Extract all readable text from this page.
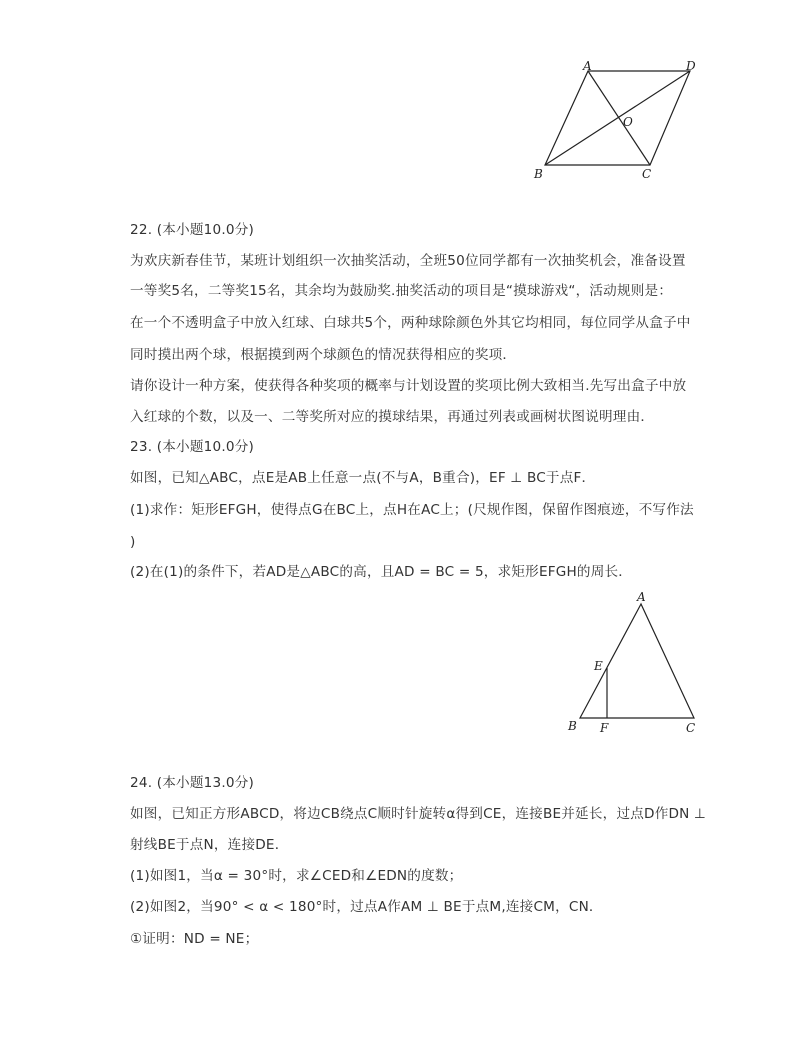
A	D
O
B	C
22. (本小题10.0分)
为欢庆新春佳节，某班计划组织一次抽奖活动，全班50位同学都有一次抽奖机会，准备设置
一等奖5名，二等奖15名，其余均为鼓励奖.抽奖活动的项目是“摸球游戏“，活动规则是：
在一个不透明盒子中放入红球、白球共5个，两种球除颜色外其它均相同，每位同学从盒子中
同时摸出两个球，根据摸到两个球颜色的情况获得相应的奖项．
请你设计一种方案，使获得各种奖项的概率与计划设置的奖项比例大致相当.先写出盒子中放
入红球的个数，以及一、二等奖所对应的摸球结果，再通过列表或画树状图说明理由．
23. (本小题10.0分)
如图，已知△ABC，点E是AB上任意一点(不与A，B重合)，EF ⊥ BC于点F．
(1)求作：矩形EFGH，使得点G在BC上，点H在AC上；(尺规作图，保留作图痕迹，不写作法
)
(2)在(1)的条件下，若AD是△ABC的高，且AD = BC = 5，求矩形EFGH的周长．
A
E
B F	C
24. (本小题13.0分)
如图，已知正方形ABCD，将边CB绕点C顺时针旋转α得到CE，连接BE并延长，过点D作DN ⊥
射线BE于点N，连接DE．
(1)如图1，当α = 30°时，求∠CED和∠EDN的度数；
(2)如图2，当90° < α < 180°时，过点A作AM ⊥ BE于点M,连接CM，CN．
①证明：ND = NE；
